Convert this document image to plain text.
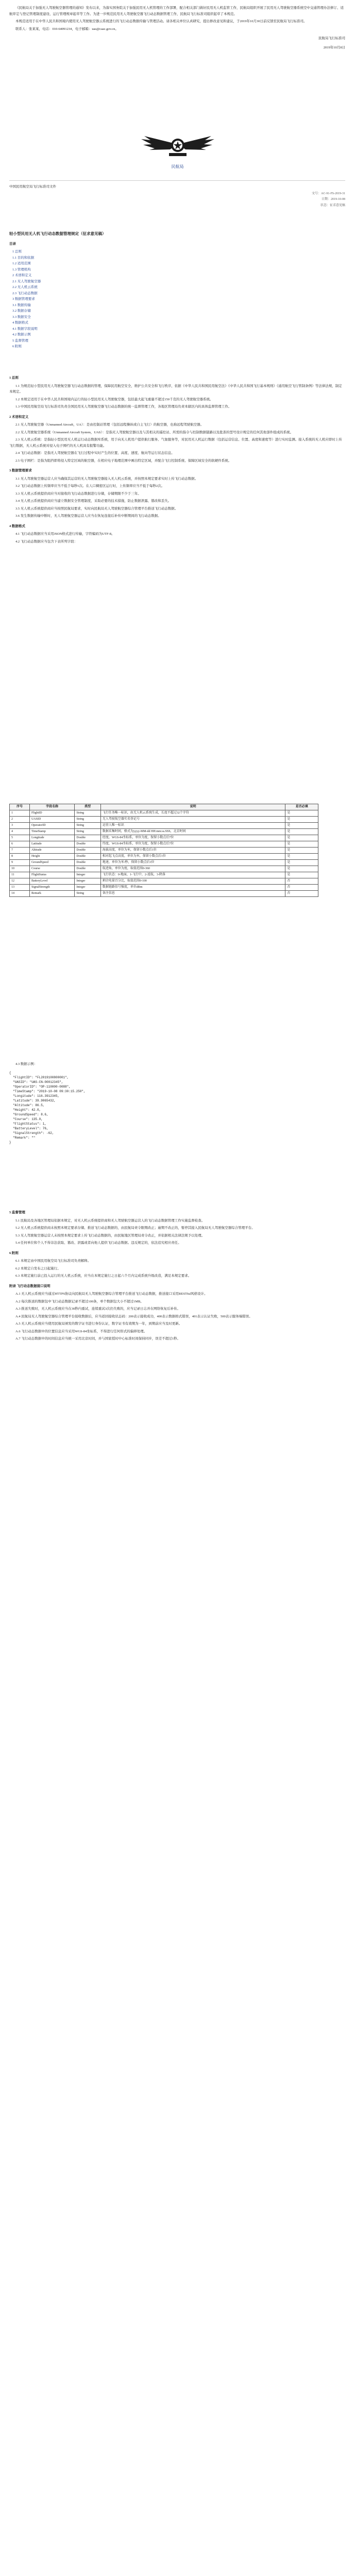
《民航局关于加强无人驾驶航空器管理的通知》发布以来，为落实国务院关于加强民用无人机管理的工作部署，配合相关部门做好民用无人机监管工作，民航局组织开展了民用无人驾驶航空器系统空中交通管理办法修订、适航审定与登记管理制度建设、运行管理规章起草等工作。为进一步规范民用无人驾驶航空器飞行动态数据管理工作，民航局飞行标准司组织起草了本规范。

本规范适用于在中华人民共和国境内使用无人驾驶航空器云系统进行的飞行动态数据传输与管理活动。请各相关单位认真研究，提出修改意见和建议，于2019年10月30日前反馈至民航局飞行标准司。

联系人：张某某，电话：010-64091234，电子邮箱：uas@caac.gov.cn。

民航局飞行标准司

2019年10月8日

民航局

中国民用航空局飞行标准司文件

文号：AC-91-FS-2019-31
日期：2019-10-08
状态：征求意见稿

轻小型民用无人机飞行动态数据管理规定（征求意见稿）

目录

1 总则
1.1 目的和依据
1.2 适用范围
1.3 管理机构
2 术语和定义
2.1 无人驾驶航空器
2.2 无人机云系统
2.3 飞行动态数据
3 数据管理要求
3.1 数据传输
3.2 数据存储
3.3 数据安全
4 数据格式
4.1 数据字段说明
4.2 数据示例
5 监督管理
6 附则

1 总则

1.1 为规范轻小型民用无人驾驶航空器飞行动态数据的管理，保障民用航空安全，维护公共安全和飞行秩序，依据《中华人民共和国民用航空法》《中华人民共和国飞行基本规则》《通用航空飞行管制条例》等法律法规，制定本规定。

1.2 本规定适用于在中华人民共和国境内运行的轻小型民用无人驾驶航空器，包括最大起飞重量不超过150千克的无人驾驶航空器系统。

1.3 中国民用航空局飞行标准司负责全国民用无人驾驶航空器飞行动态数据的统一监督管理工作，各地区管理局负责本辖区内的具体监督管理工作。

2 术语和定义

2.1 无人驾驶航空器（Unmanned Aircraft，UA）：是由控制站管理（包括远程操纵或自主飞行）的航空器，也称远程驾驶航空器。

2.2 无人驾驶航空器系统（Unmanned Aircraft System，UAS）：是指无人驾驶航空器以及与其相关的遥控站、所需的指令与控制数据链路以及批准的型号设计规定的任何其他部件组成的系统。

2.3 无人机云系统：是指轻小型民用无人机运行动态数据库系统，用于向无人机用户提供航行服务、气象服务等，对民用无人机运行数据（包括运营信息、位置、高度和速度等）进行实时监测。接入系统的无人机应即时上传飞行数据，无人机云系统对侵入电子围栏的无人机具有报警功能。

2.4 飞行动态数据：是指无人驾驶航空器在飞行过程中实时产生的位置、高度、速度、航向等运行状态信息。

2.5 电子围栏：是指为阻挡即将侵入特定区域的航空器，在相应电子地理范围中画出特定区域，并配合飞行控制系统、保障区域安全的软硬件系统。

3 数据管理要求

3.1 无人驾驶航空器运营人应当确保其运营的无人驾驶航空器接入无人机云系统，并按照本规定要求实时上传飞行动态数据。

3.2 飞行动态数据上传频率应当不低于每秒1次。在人口稠密区运行时，上传频率应当不低于每秒2次。

3.3 无人机云系统提供商应当对接收的飞行动态数据进行存储，存储期限不少于三年。

3.4 无人机云系统提供商应当建立数据安全管理制度，采取必要的技术措施，防止数据泄露、篡改和丢失。

3.5 无人机云系统提供商应当按照民航局要求，实时向民航局无人驾驶航空器综合管理平台推送飞行动态数据。

3.6 发生数据传输中断时，无人驾驶航空器运营人应当在恢复连接后补传中断期间的飞行动态数据。

4 数据格式

4.1 飞行动态数据应当采用JSON格式进行传输，字符编码为UTF-8。

4.2 飞行动态数据应当包含下表所列字段：

序号	字段名称	类型	说明	是否必填
1	FlightID	String	飞行任务唯一标识，由无人机云系统生成，长度不超过32个字符	是
2	UASID	String	无人驾驶航空器实名登记号	是
3	OperatorID	String	运营人唯一标识	是
4	TimeStamp	String	数据采集时间，格式为yyyy-MM-dd HH:mm:ss.SSS，北京时间	是
5	Longitude	Double	经度，WGS-84坐标系，单位为度，保留小数点后7位	是
6	Latitude	Double	纬度，WGS-84坐标系，单位为度，保留小数点后7位	是
7	Altitude	Double	海拔高度，单位为米，保留小数点后1位	是
8	Height	Double	相对起飞点高度，单位为米，保留小数点后1位	是
9	GroundSpeed	Double	地速，单位为米/秒，保留小数点后1位	是
10	Course	Double	航迹角，单位为度，取值范围0-360	是
11	FlightStatus	Integer	飞行状态：0-地面，1-飞行中，2-返航，3-降落	是
12	BatteryLevel	Integer	剩余电量百分比，取值范围0-100	否
13	SignalStrength	Integer	数据链路信号强度，单位dBm	否
14	Remark	String	备注信息	否

4.3 数据示例：

{
"FlightID": "FL2019100800001",
"UASID": "UAS-CN-00012345",
"OperatorID": "OP-110000-0088",
"TimeStamp": "2019-10-08 09:30:15.250",
"Longitude": 116.3912345,
"Latitude": 39.9065432,
"Altitude": 86.5,
"Height": 42.0,
"GroundSpeed": 8.6,
"Course": 135.0,
"FlightStatus": 1,
"BatteryLevel": 76,
"SignalStrength": -62,
"Remark": ""
}

5 监督管理

5.1 民航局及各地区管理局依据本规定，对无人机云系统提供商和无人驾驶航空器运营人的飞行动态数据管理工作实施监督检查。

5.2 无人机云系统提供商未按照本规定要求存储、推送飞行动态数据的，由民航局责令限期改正；逾期不改正的，暂停其接入民航局无人驾驶航空器综合管理平台。

5.3 无人驾驶航空器运营人未按照本规定要求上传飞行动态数据的，由民航地区管理局责令改正，并依据相关法律法规予以处理。

5.4 任何单位和个人不得非法获取、篡改、泄露或者向他人提供飞行动态数据。违反规定的，依法追究相应责任。

6 附则

6.1 本规定由中国民用航空局飞行标准司负责解释。

6.2 本规定自发布之日起施行。

6.3 本规定施行前已投入运行的无人机云系统，应当在本规定施行之日起六个月内完成系统升级改造，满足本规定要求。

附录 飞行动态数据接口说明

A.1 无人机云系统应当通过HTTPS协议向民航局无人驾驶航空器综合管理平台推送飞行动态数据，推送接口采用RESTful风格设计。

A.2 每次推送的数据包中飞行动态数据记录不超过100条，单个数据包大小不超过1MB。

A.3 推送失败时，无人机云系统应当在30秒内重试，连续重试3次仍失败的，应当记录日志并在网络恢复后补传。

A.4 民航局无人驾驶航空器综合管理平台接收数据后，应当返回接收状态码：200表示接收成功，400表示数据格式错误，401表示认证失败，500表示服务端错误。

A.5 无人机云系统应当使用民航局颁发的数字证书进行身份认证，数字证书有效期为一年，到期前应当及时更新。

A.6 飞行动态数据中的位置信息应当采用WGS-84坐标系，不得进行任何形式的偏移处理。

A.7 飞行动态数据中的时间信息应当统一采用北京时间，并与国家授时中心标准时间保持同步，误差不超过1秒。
